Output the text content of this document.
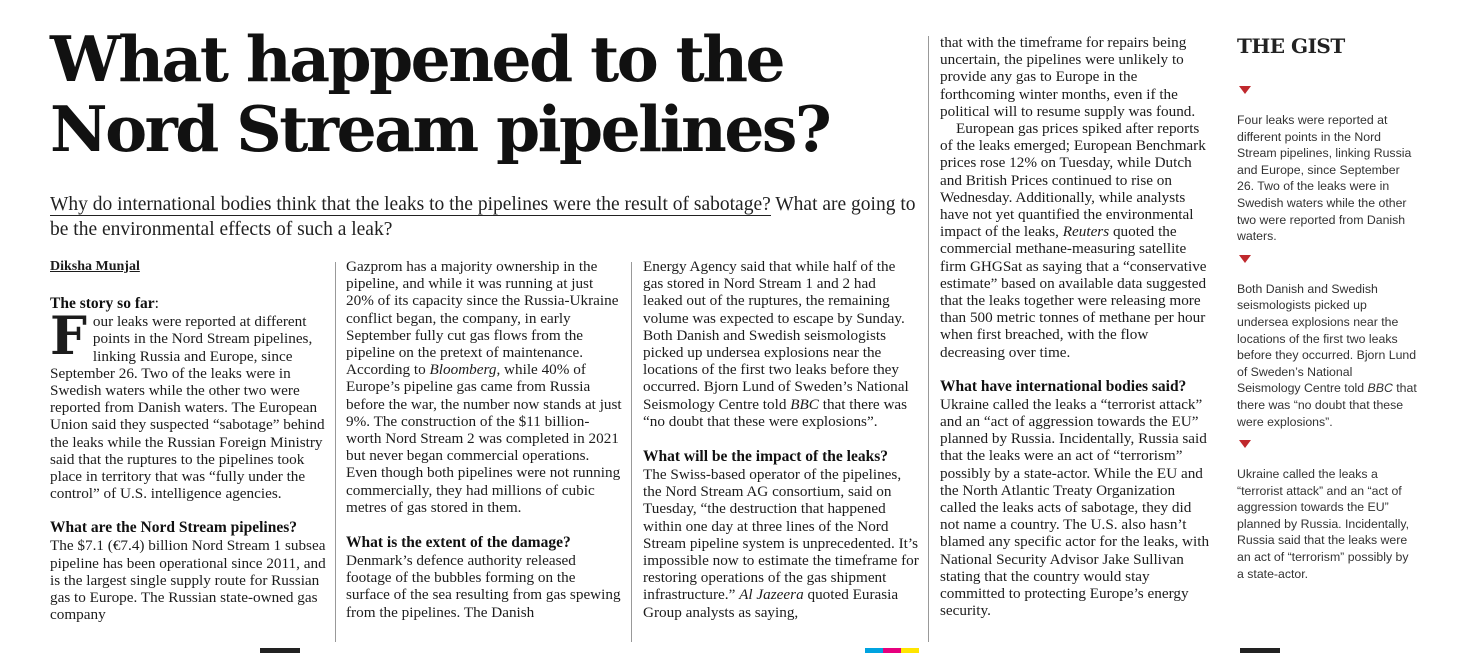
What happened to the Nord Stream pipelines?

Why do international bodies think that the leaks to the pipelines were the result of sabotage? What are going to be the environmental effects of such a leak?

Diksha Munjal

The story so far:

Four leaks were reported at different points in the Nord Stream pipelines, linking Russia and Europe, since September 26. Two of the leaks were in Swedish waters while the other two were reported from Danish waters. The European Union said they suspected “sabotage” behind the leaks while the Russian Foreign Ministry said that the ruptures to the pipelines took place in territory that was “fully under the control” of U.S. intelligence agencies.

What are the Nord Stream pipelines?

The $7.1 (€7.4) billion Nord Stream 1 subsea pipeline has been operational since 2011, and is the largest single supply route for Russian gas to Europe. The Russian state-owned gas company

Gazprom has a majority ownership in the pipeline, and while it was running at just 20% of its capacity since the Russia-Ukraine conflict began, the company, in early September fully cut gas flows from the pipeline on the pretext of maintenance. According to Bloomberg, while 40% of Europe’s pipeline gas came from Russia before the war, the number now stands at just 9%. The construction of the $11 billion-worth Nord Stream 2 was completed in 2021 but never began commercial operations. Even though both pipelines were not running commercially, they had millions of cubic metres of gas stored in them.

What is the extent of the damage?

Denmark’s defence authority released footage of the bubbles forming on the surface of the sea resulting from gas spewing from the pipelines. The Danish

Energy Agency said that while half of the gas stored in Nord Stream 1 and 2 had leaked out of the ruptures, the remaining volume was expected to escape by Sunday. Both Danish and Swedish seismologists picked up undersea explosions near the locations of the first two leaks before they occurred. Bjorn Lund of Sweden’s National Seismology Centre told BBC that there was “no doubt that these were explosions”.

What will be the impact of the leaks?

The Swiss-based operator of the pipelines, the Nord Stream AG consortium, said on Tuesday, “the destruction that happened within one day at three lines of the Nord Stream pipeline system is unprecedented. It’s impossible now to estimate the timeframe for restoring operations of the gas shipment infrastructure.” Al Jazeera quoted Eurasia Group analysts as saying,

that with the timeframe for repairs being uncertain, the pipelines were unlikely to provide any gas to Europe in the forthcoming winter months, even if the political will to resume supply was found.

European gas prices spiked after reports of the leaks emerged; European Benchmark prices rose 12% on Tuesday, while Dutch and British Prices continued to rise on Wednesday. Additionally, while analysts have not yet quantified the environmental impact of the leaks, Reuters quoted the commercial methane-measuring satellite firm GHGSat as saying that a “conservative estimate” based on available data suggested that the leaks together were releasing more than 500 metric tonnes of methane per hour when first breached, with the flow decreasing over time.

What have international bodies said?

Ukraine called the leaks a “terrorist attack” and an “act of aggression towards the EU” planned by Russia. Incidentally, Russia said that the leaks were an act of “terrorism” possibly by a state-actor. While the EU and the North Atlantic Treaty Organization called the leaks acts of sabotage, they did not name a country. The U.S. also hasn’t blamed any specific actor for the leaks, with National Security Advisor Jake Sullivan stating that the country would stay committed to protecting Europe’s energy security.

THE GIST

Four leaks were reported at different points in the Nord Stream pipelines, linking Russia and Europe, since September 26. Two of the leaks were in Swedish waters while the other two were reported from Danish waters.

Both Danish and Swedish seismologists picked up undersea explosions near the locations of the first two leaks before they occurred. Bjorn Lund of Sweden’s National Seismology Centre told BBC that there was “no doubt that these were explosions”.

Ukraine called the leaks a “terrorist attack” and an “act of aggression towards the EU” planned by Russia. Incidentally, Russia said that the leaks were an act of “terrorism” possibly by a state-actor.
